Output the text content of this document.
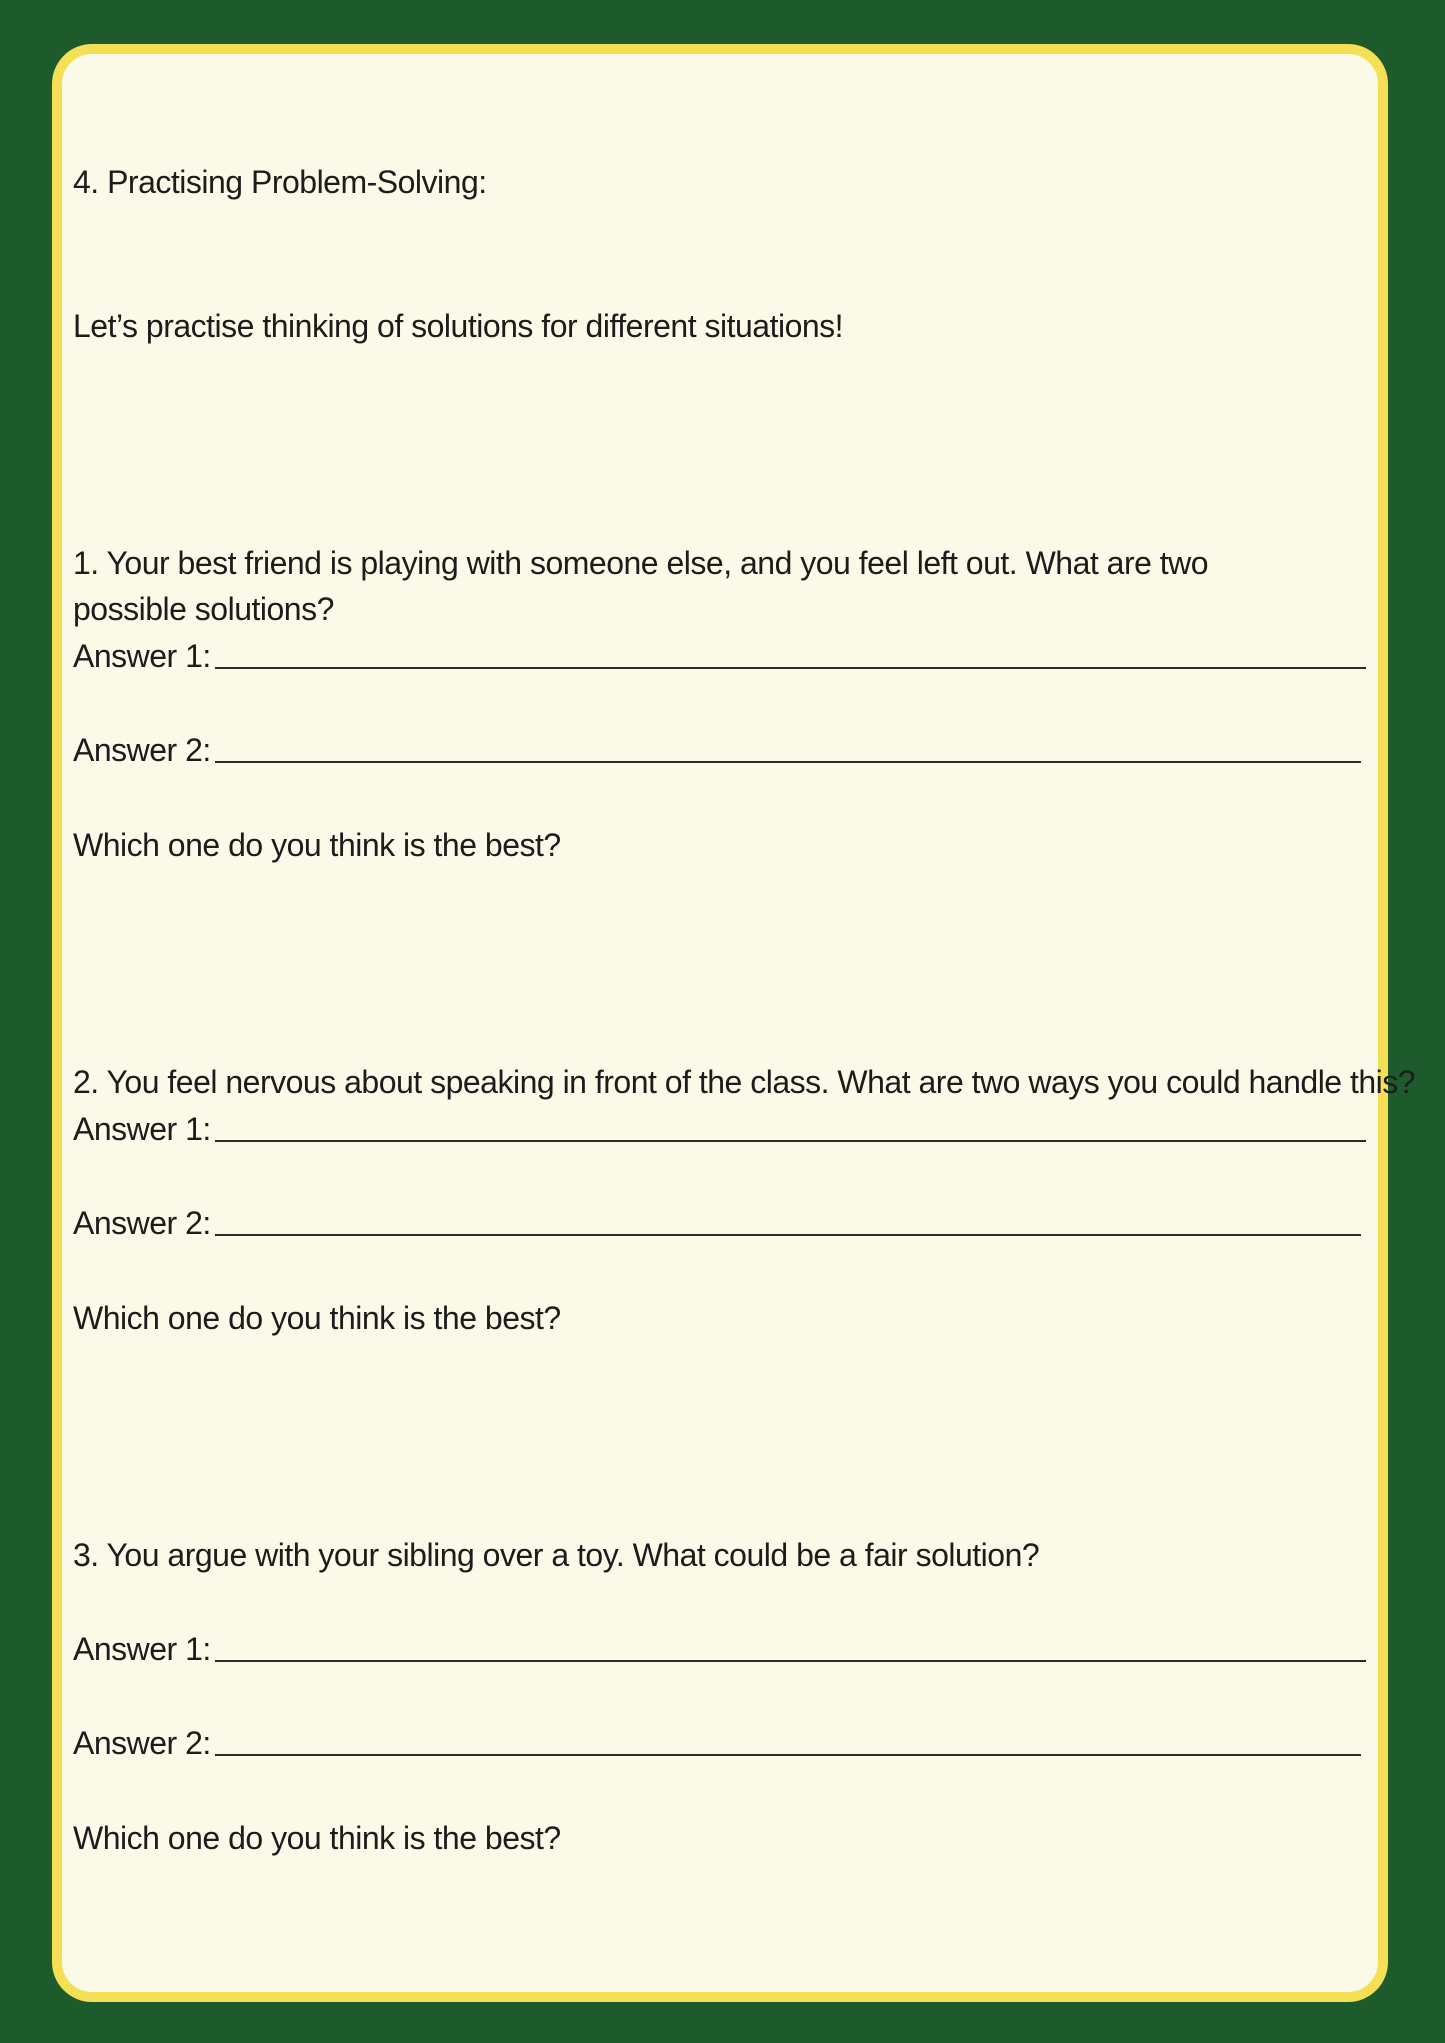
4. Practising Problem-Solving:
Let’s practise thinking of solutions for different situations!
1. Your best friend is playing with someone else, and you feel left out. What are two possible solutions?
Answer 1:
Answer 2:
Which one do you think is the best?
2. You feel nervous about speaking in front of the class. What are two ways you could handle this?
Answer 1:
Answer 2:
Which one do you think is the best?
3. You argue with your sibling over a toy. What could be a fair solution?
Answer 1:
Answer 2:
Which one do you think is the best?
